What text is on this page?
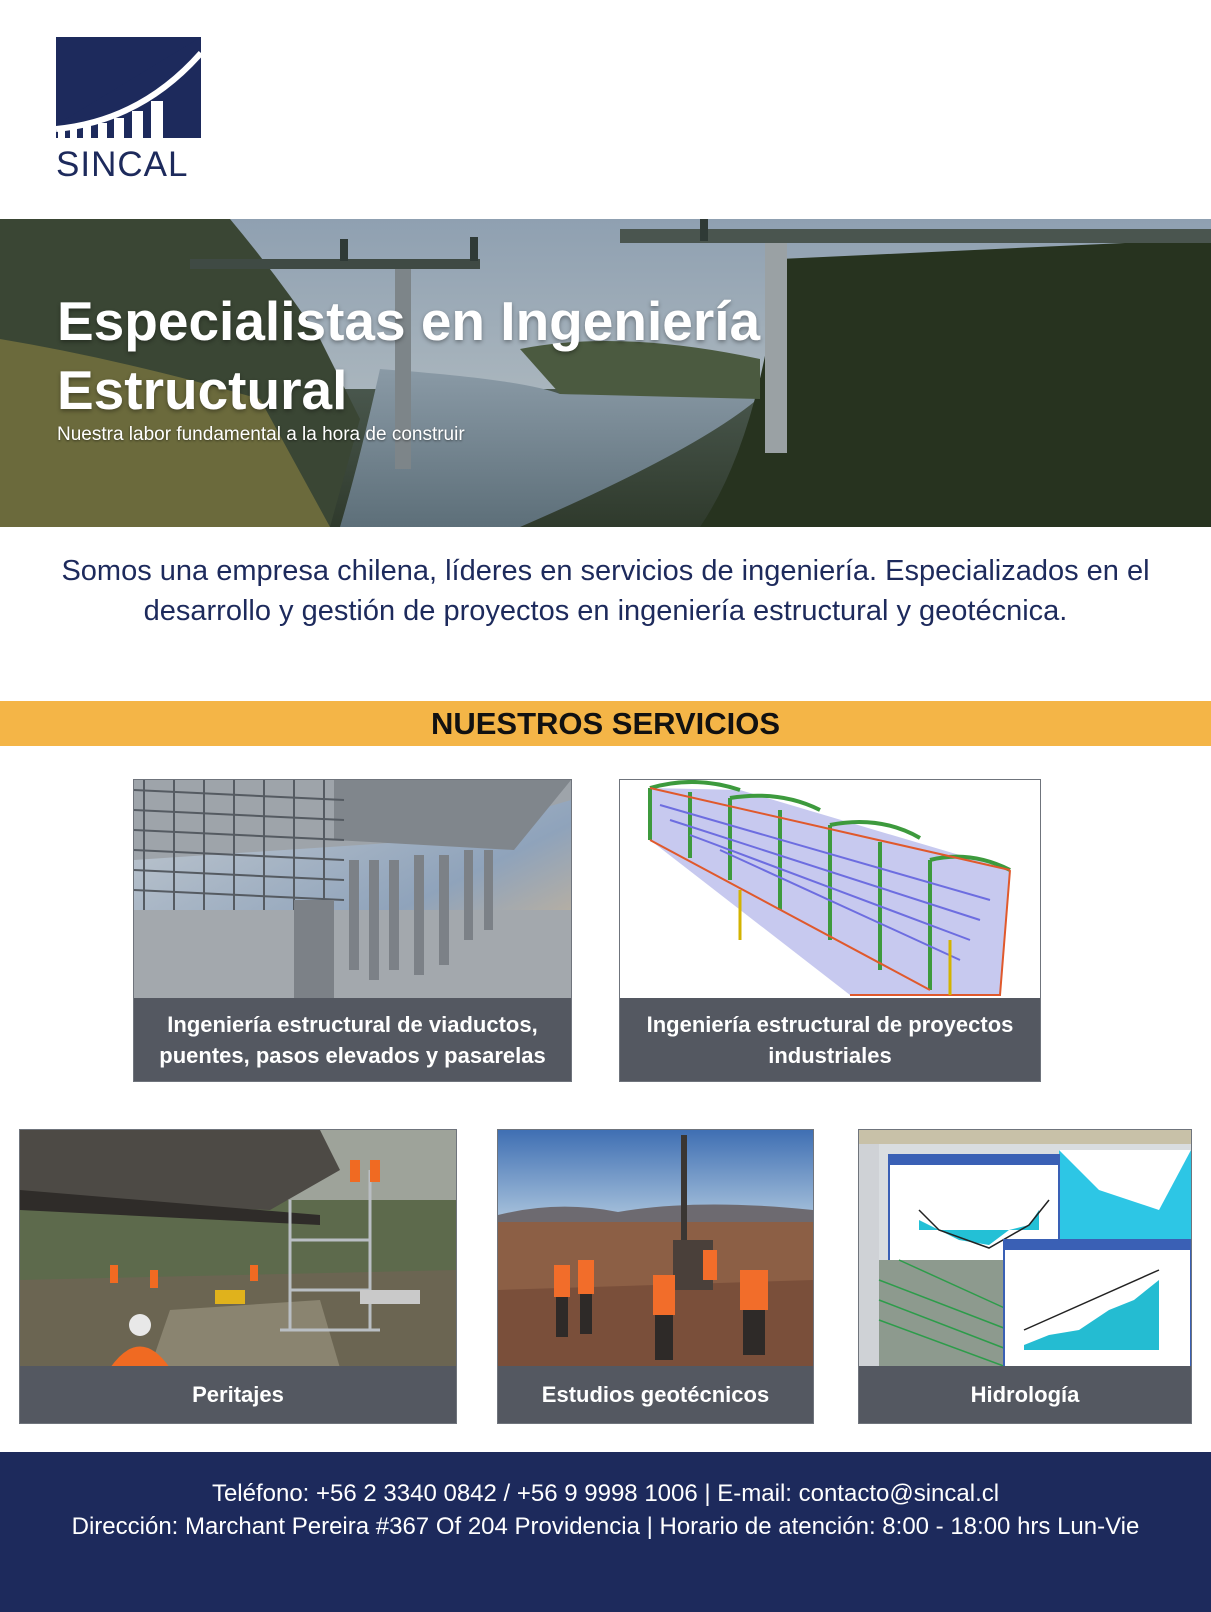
SINCAL
Especialistas en Ingeniería Estructural
Nuestra labor fundamental a la hora de construir

Somos una empresa chilena, líderes en servicios de ingeniería. Especializados en el desarrollo y gestión de proyectos en ingeniería estructural y geotécnica.

NUESTROS SERVICIOS
Ingeniería estructural de viaductos, puentes, pasos elevados y pasarelas
Ingeniería estructural de proyectos industriales
Peritajes	Estudios geotécnicos	Hidrología
Teléfono: +56 2 3340 0842 / +56 9 9998 1006 | E-mail: contacto@sincal.cl
Dirección: Marchant Pereira #367 Of 204 Providencia | Horario de atención: 8:00 - 18:00 hrs Lun-Vie
